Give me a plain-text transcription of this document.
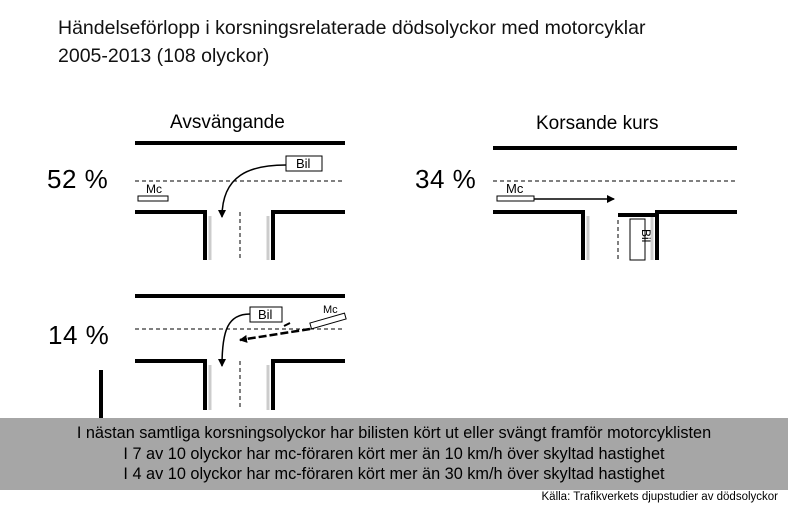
Händelseförlopp i korsningsrelaterade dödsolyckor med motorcyklar
2005-2013 (108 olyckor)
Avsvängande	Korsande kurs
52 %	34 %
14 %
Mc
Bil
Mc
Bil
Bil	Mc
I nästan samtliga korsningsolyckor har bilisten kört ut eller svängt framför motorcyklisten
I 7 av 10 olyckor har mc-föraren kört mer än 10 km/h över skyltad hastighet
I 4 av 10 olyckor har mc-föraren kört mer än 30 km/h över skyltad hastighet
Källa: Trafikverkets djupstudier av dödsolyckor
